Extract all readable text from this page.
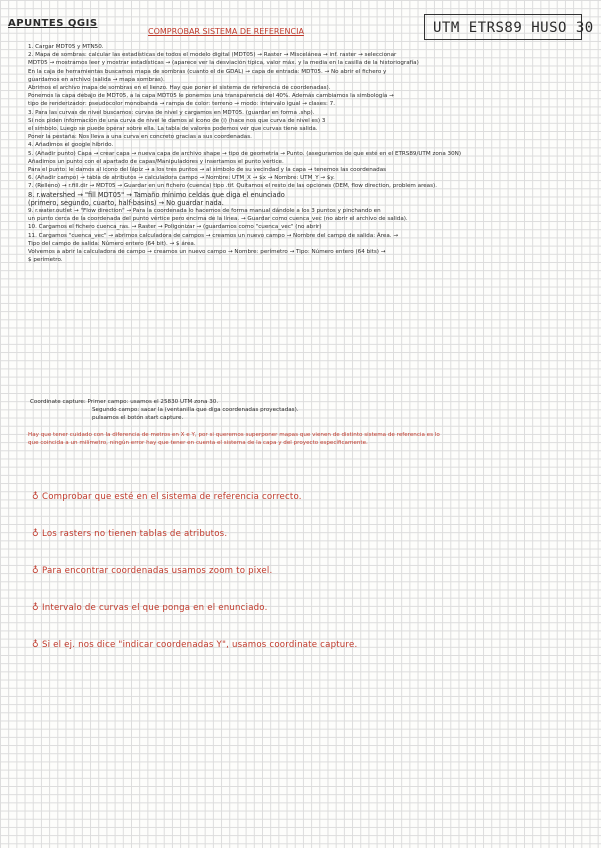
APUNTES QGIS
COMPROBAR SISTEMA DE REFERENCIA	UTM ETRS89 HUSO 30
1. Cargar MDT05 y MTN50.
2. Mapa de sombras: calcular las estadísticas de todos el modelo digital (MDT05) → Raster → Miscelánea → inf. raster → seleccionar
MDT05 → mostramos leer y mostrar estadísticas → (aparece ver la desviación típica, valor máx. y la media en la casilla de la historiografía)
En la caja de herramientas buscamos mapa de sombras (cuanto el de GDAL) → capa de entrada: MDT05. → No abrir el fichero y
guardamos en archivo (salida → mapa sombras).
Abrimos el archivo mapa de sombras en el lienzo. Hay que poner el sistema de referencia de coordenadas).
Ponemos la capa debajo de MDT05, a la capa MDT05 le ponemos una transparencia del 40%. Además cambiamos la simbología →
tipo de renderizador: pseudocolor monobanda → rampa de color: terreno → modo: intervalo igual → clases: 7.
3. Para las curvas de nivel buscamos: curvas de nivel y cargamos en MDT05. (guardar en forma .shp).
Si nos piden información de una curva de nivel le damos al icono de (i) (hace nos que curva de nivel es) 3
el símbolo. Luego se puede operar sobre ella. La tabla de valores podemos ver que curvas tiene salida.
Poner la pestaña: Nos lleva a una curva en concreto gracias a sus coordenadas.
4. Añadimos el google híbrido.
5. (Añadir punto) Capa → crear capa → nueva capa de archivo shape → tipo de geometría → Punto. (aseguramos de que esté en el ETRS89/UTM zona 30N)
Añadimos un punto con el apartado de capas/Manipuladores y insertamos el punto vértice.
Para el punto: le damos al icono del lápiz → a los tres puntos → al símbolo de su vecindad y la capa → tenemos las coordenadas
6. (Añadir campo) → tabla de atributos → calculadora campo → Nombre: UTM_X → $x → Nombre: UTM_Y → $y.
7. (Relleno) → r.fill.dir → MDT05 → Guardar en un fichero (cuenca) tipo .tif. Quitamos el resto de las opciones (DEM, flow direction, problem areas).
8. r.watershed → "fill MDT05" → Tamaño mínimo celdas que diga el enunciado
(primero, segundo, cuarto, half-basins) → No guardar nada.
9. r.water.outlet → "Flow direction" → Para la coordenada lo hacemos de forma manual dándole a los 3 puntos y pinchando en
un punto cerca de la coordenada del punto vértice pero encima de la línea. → Guardar como cuenca_vec (no abrir el archivo de salida).
10. Cargamos el fichero cuenca_ras. → Raster → Poligonizar → (guardamos como "cuenca_vec" (no abrir)
11. Cargamos "cuenca_vec" → abrimos calculadora de campos → creamos un nuevo campo → Nombre del campo de salida: Área. →
Tipo del campo de salida: Número entero (64 bit). → $ área.
Volvemos a abrir la calculadora de campo → creamos un nuevo campo → Nombre: perímetro → Tipo: Número entero (64 bits) →
$ perímetro.
Coordinate capture: Primer campo: usamos el 25830 UTM zona 30.
Segundo campo: sacar la (ventanilla que diga coordenadas proyectadas).
pulsamos el botón start capture.
Hay que tener cuidado con la diferencia de metros en X e Y, por si queremos superponer mapas que vienen de distinto sistema de referencia es lo
que coincida a un milímetro, ningún error hay que tener en cuenta el sistema de la capa y del proyecto específicamente.
♁ Comprobar que esté en el sistema de referencia correcto.
♁ Los rasters no tienen tablas de atributos.
♁ Para encontrar coordenadas usamos zoom to pixel.
♁ Intervalo de curvas el que ponga en el enunciado.
♁ Si el ej. nos dice "indicar coordenadas Y", usamos coordinate capture.
